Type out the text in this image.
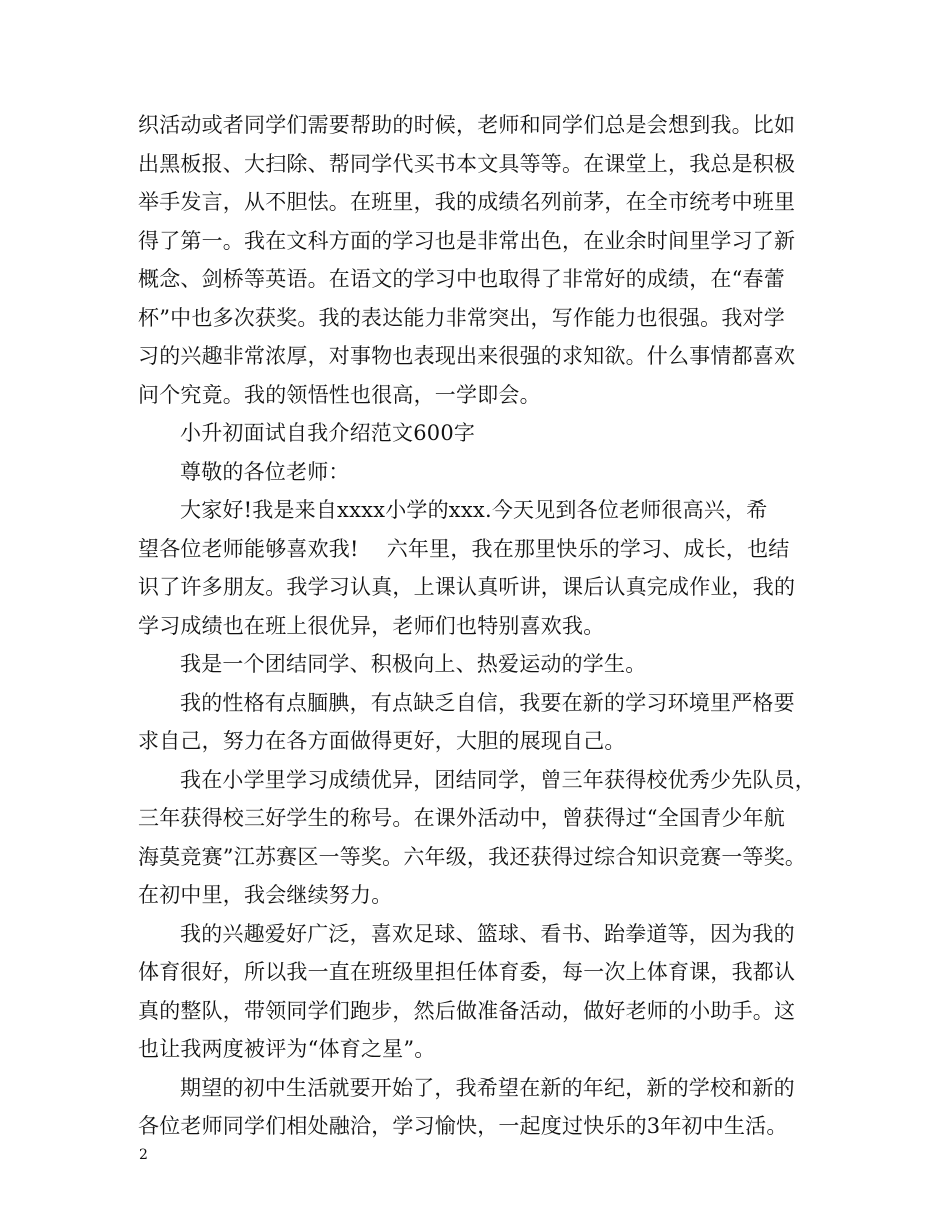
织活动或者同学们需要帮助的时候，老师和同学们总是会想到我。比如
出黑板报、大扫除、帮同学代买书本文具等等。在课堂上，我总是积极
举手发言，从不胆怯。在班里，我的成绩名列前茅，在全市统考中班里
得了第一。我在文科方面的学习也是非常出色，在业余时间里学习了新
概念、剑桥等英语。在语文的学习中也取得了非常好的成绩，在“春蕾
杯”中也多次获奖。我的表达能力非常突出，写作能力也很强。我对学
习的兴趣非常浓厚，对事物也表现出来很强的求知欲。什么事情都喜欢
问个究竟。我的领悟性也很高，一学即会。
小升初面试自我介绍范文600字
尊敬的各位老师：
大家好!我是来自xxxx小学的xxx.今天见到各位老师很高兴，希
望各位老师能够喜欢我!　 六年里，我在那里快乐的学习、成长，也结
识了许多朋友。我学习认真，上课认真听讲，课后认真完成作业，我的
学习成绩也在班上很优异，老师们也特别喜欢我。
我是一个团结同学、积极向上、热爱运动的学生。
我的性格有点腼腆，有点缺乏自信，我要在新的学习环境里严格要
求自己，努力在各方面做得更好，大胆的展现自己。
我在小学里学习成绩优异，团结同学，曾三年获得校优秀少先队员，
三年获得校三好学生的称号。在课外活动中，曾获得过“全国青少年航
海莫竞赛”江苏赛区一等奖。六年级，我还获得过综合知识竞赛一等奖。
在初中里，我会继续努力。
我的兴趣爱好广泛，喜欢足球、篮球、看书、跆拳道等，因为我的
体育很好，所以我一直在班级里担任体育委，每一次上体育课，我都认
真的整队，带领同学们跑步，然后做准备活动，做好老师的小助手。这
也让我两度被评为“体育之星”。
期望的初中生活就要开始了，我希望在新的年纪，新的学校和新的
各位老师同学们相处融洽，学习愉快，一起度过快乐的3年初中生活。
2
